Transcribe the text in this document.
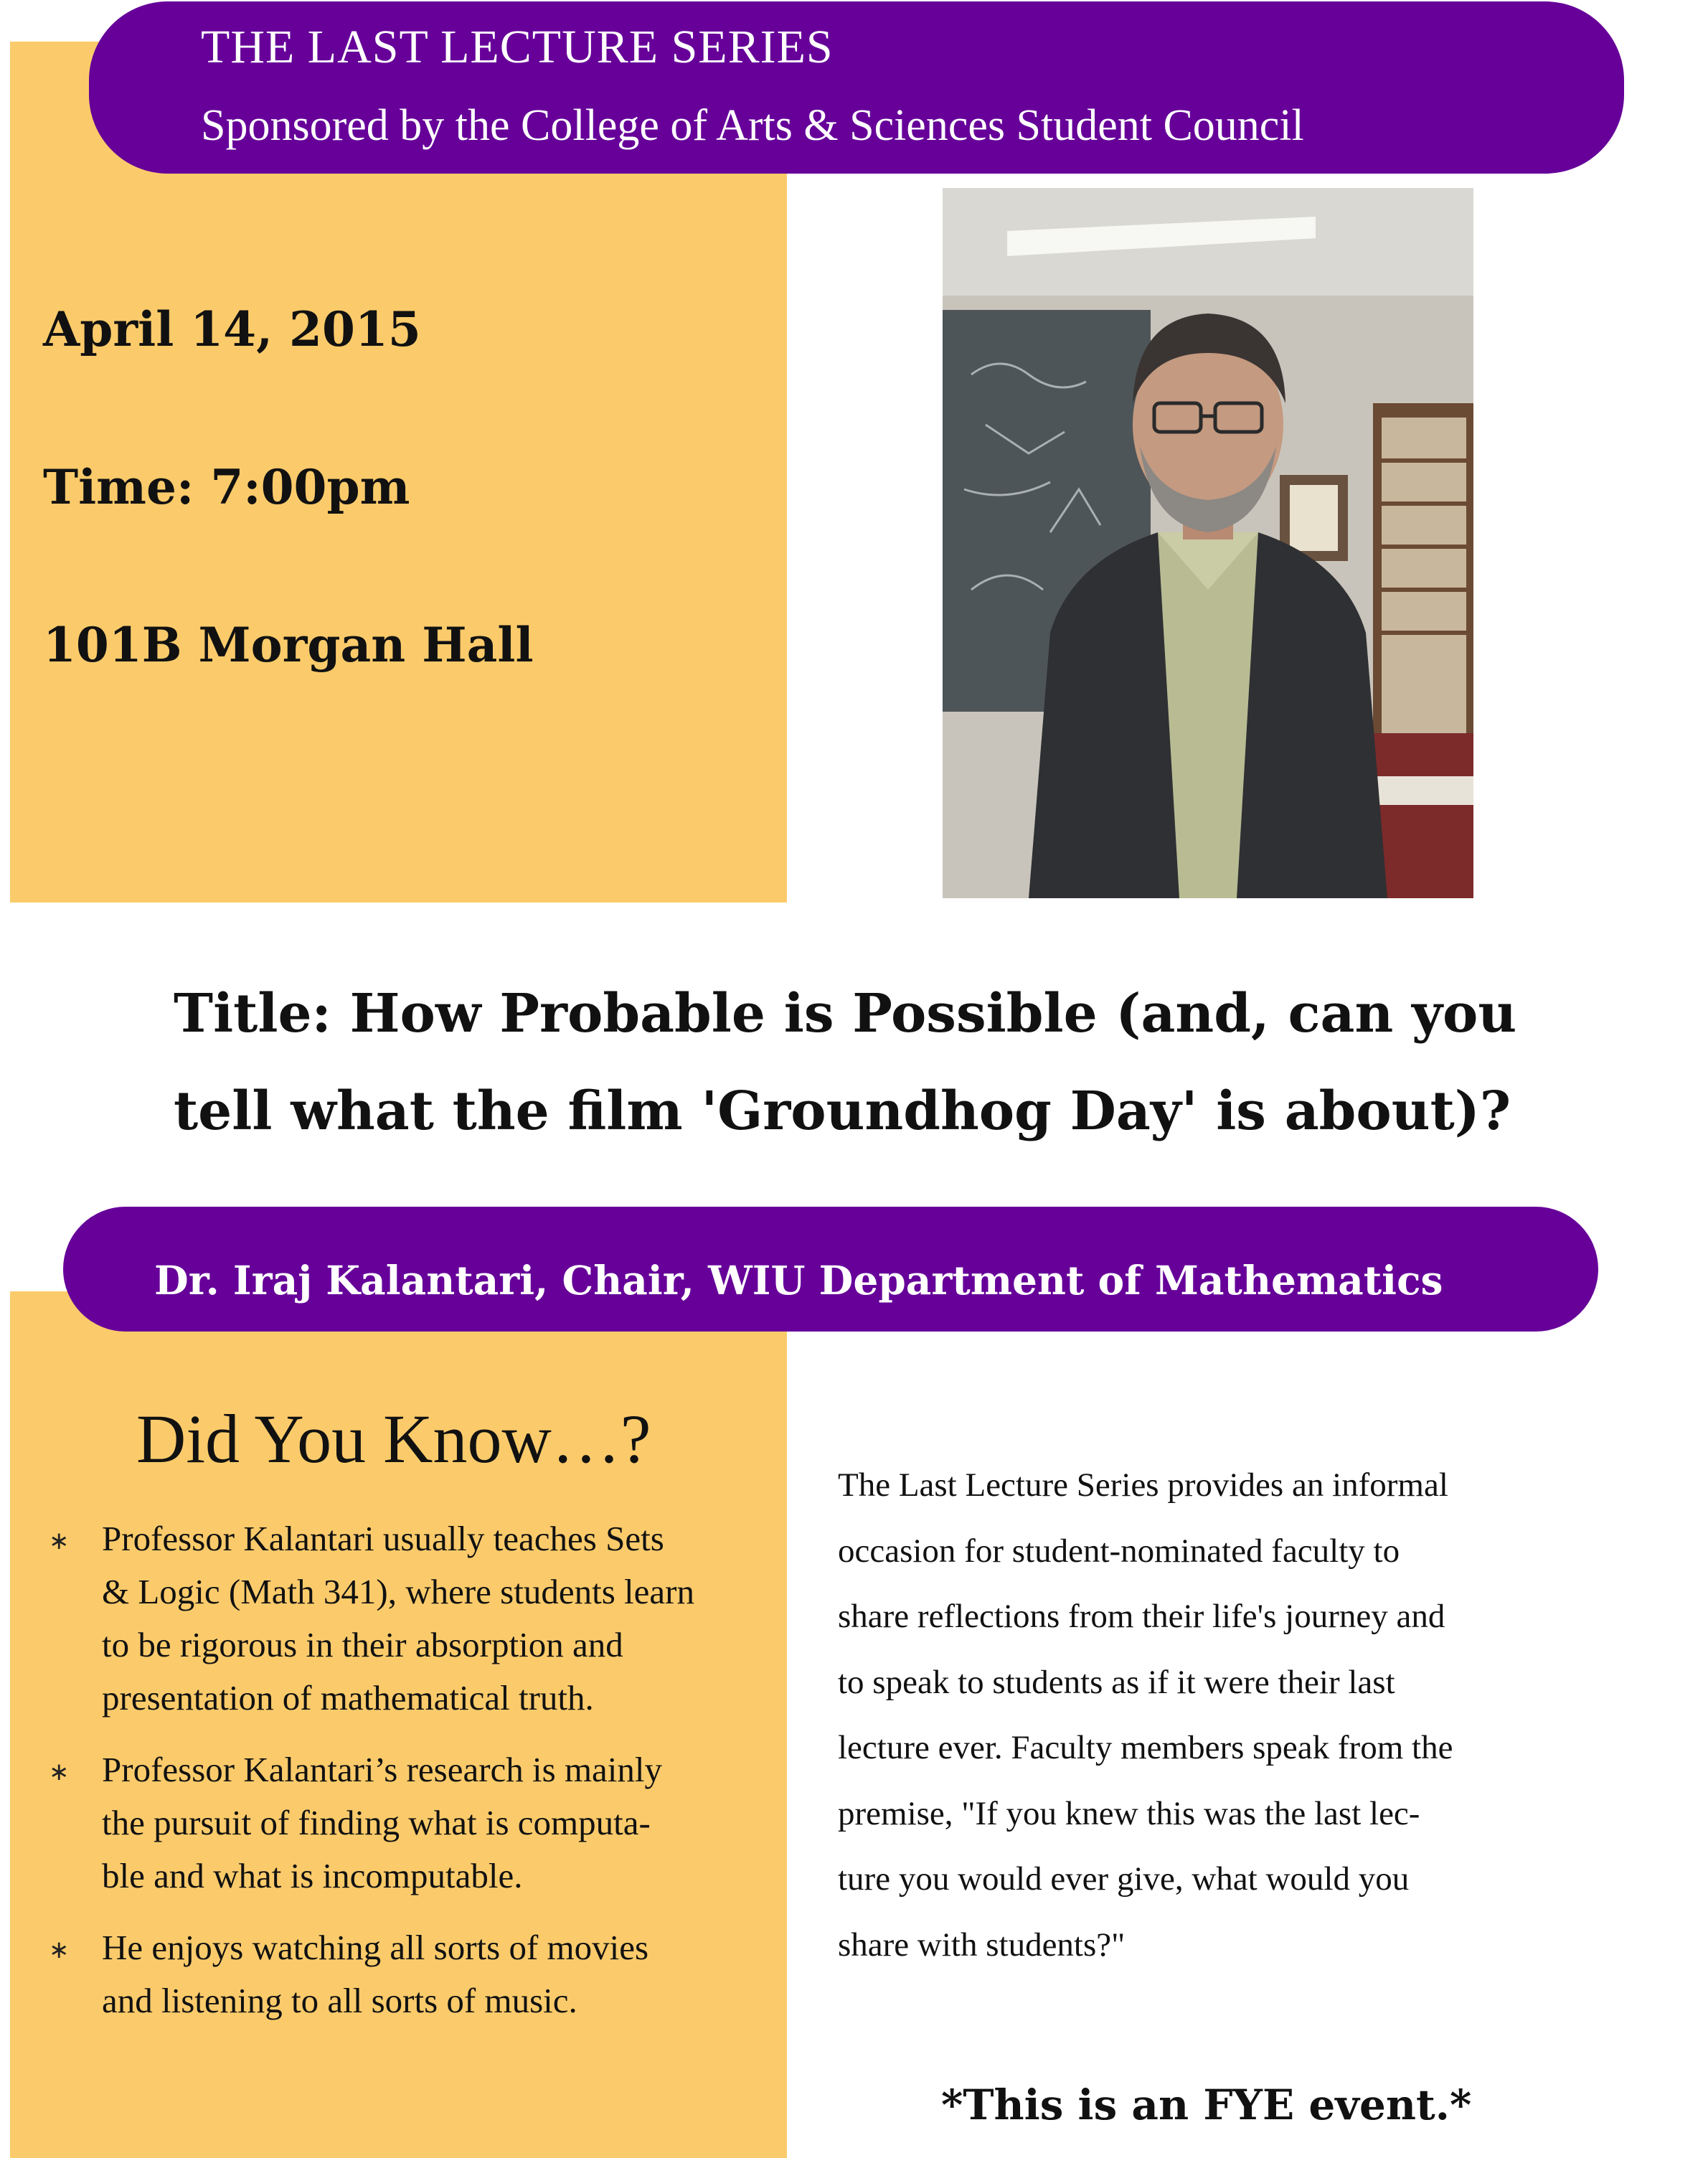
THE LAST LECTURE SERIES
Sponsored by the College of Arts & Sciences Student Council
April 14, 2015
Time: 7:00pm
101B Morgan Hall
Title: How Probable is Possible (and, can you
tell what the film 'Groundhog Day' is about)?
Dr. Iraj Kalantari, Chair, WIU Department of Mathematics
Did You Know…?
∗ Professor Kalantari usually teaches Sets
& Logic (Math 341), where students learn
to be rigorous in their absorption and
presentation of mathematical truth.
∗ Professor Kalantari’s research is mainly
the pursuit of finding what is computa-
ble and what is incomputable.
∗ He enjoys watching all sorts of movies
and listening to all sorts of music.
The Last Lecture Series provides an informal
occasion for student-nominated faculty to
share reflections from their life's journey and
to speak to students as if it were their last
lecture ever. Faculty members speak from the
premise, "If you knew this was the last lec-
ture you would ever give, what would you
share with students?"
*This is an FYE event.*
